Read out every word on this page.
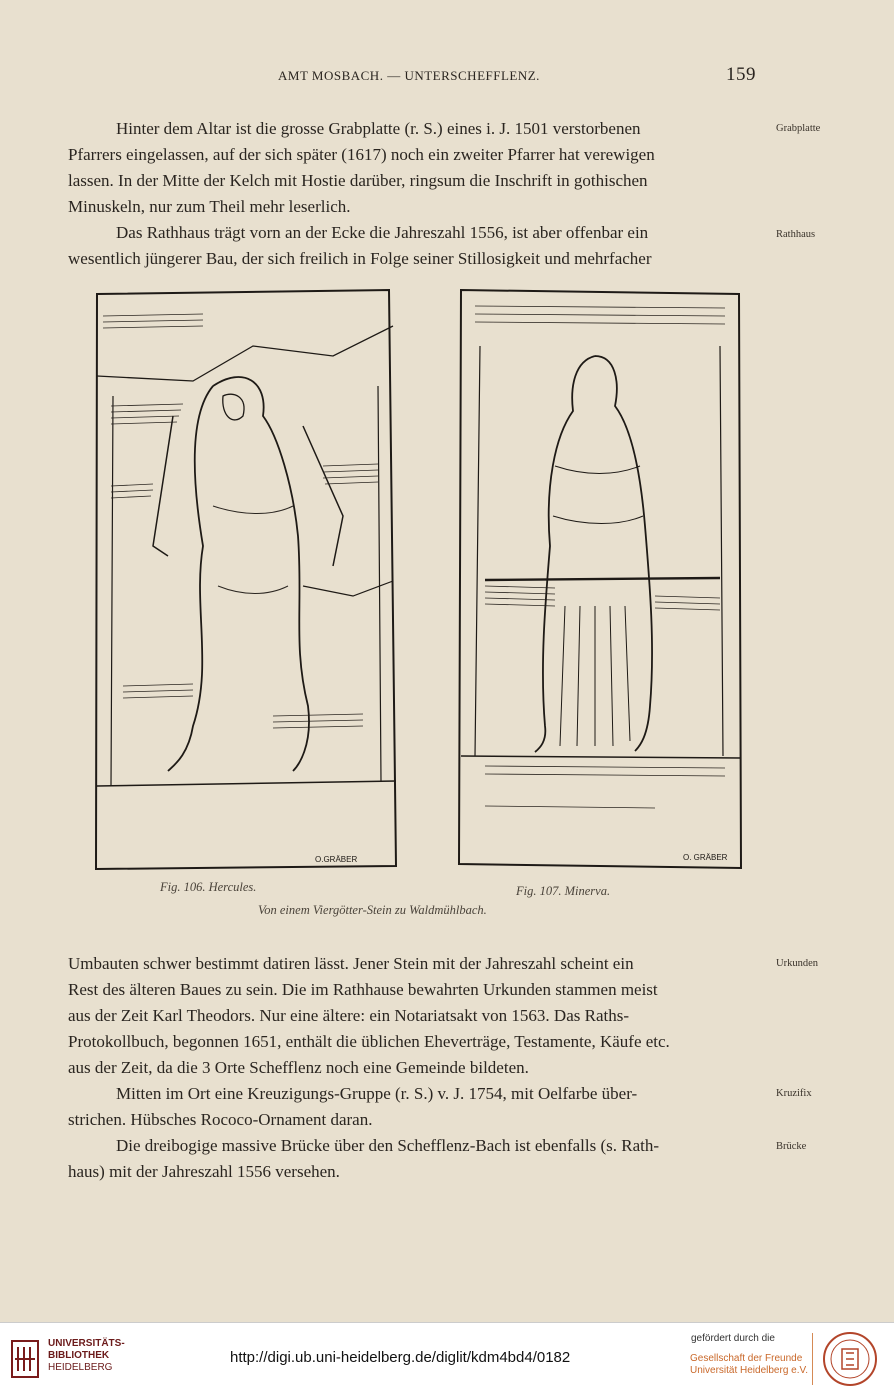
AMT MOSBACH. — UNTERSCHEFFLENZ.	159

Hinter dem Altar ist die grosse Grabplatte (r. S.) eines i. J. 1501 verstorbenen
Pfarrers eingelassen, auf der sich später (1617) noch ein zweiter Pfarrer hat verewigen
lassen. In der Mitte der Kelch mit Hostie darüber, ringsum die Inschrift in gothischen
Minuskeln, nur zum Theil mehr leserlich.

Das Rathhaus trägt vorn an der Ecke die Jahreszahl 1556, ist aber offenbar ein
wesentlich jüngerer Bau, der sich freilich in Folge seiner Stillosigkeit und mehrfacher

Grabplatte
Rathhaus
O.GRÄBER	O. GRÄBER
Fig. 106. Hercules.	Fig. 107. Minerva.
Von einem Viergötter-Stein zu Waldmühlbach.

Umbauten schwer bestimmt datiren lässt. Jener Stein mit der Jahreszahl scheint ein
Rest des älteren Baues zu sein. Die im Rathhause bewahrten Urkunden stammen meist
aus der Zeit Karl Theodors. Nur eine ältere: ein Notariatsakt von 1563. Das Raths-
Protokollbuch, begonnen 1651, enthält die üblichen Eheverträge, Testamente, Käufe etc.
aus der Zeit, da die 3 Orte Schefflenz noch eine Gemeinde bildeten.

Mitten im Ort eine Kreuzigungs-Gruppe (r. S.) v. J. 1754, mit Oelfarbe über-
strichen. Hübsches Rococo-Ornament daran.

Die dreibogige massive Brücke über den Schefflenz-Bach ist ebenfalls (s. Rath-
haus) mit der Jahreszahl 1556 versehen.

Urkunden
Kruzifix
Brücke
UNIVERSITÄTS-
BIBLIOTHEK
HEIDELBERG
http://digi.ub.uni-heidelberg.de/diglit/kdm4bd4/0182
gefördert durch die
Gesellschaft der Freunde
Universität Heidelberg e.V.
